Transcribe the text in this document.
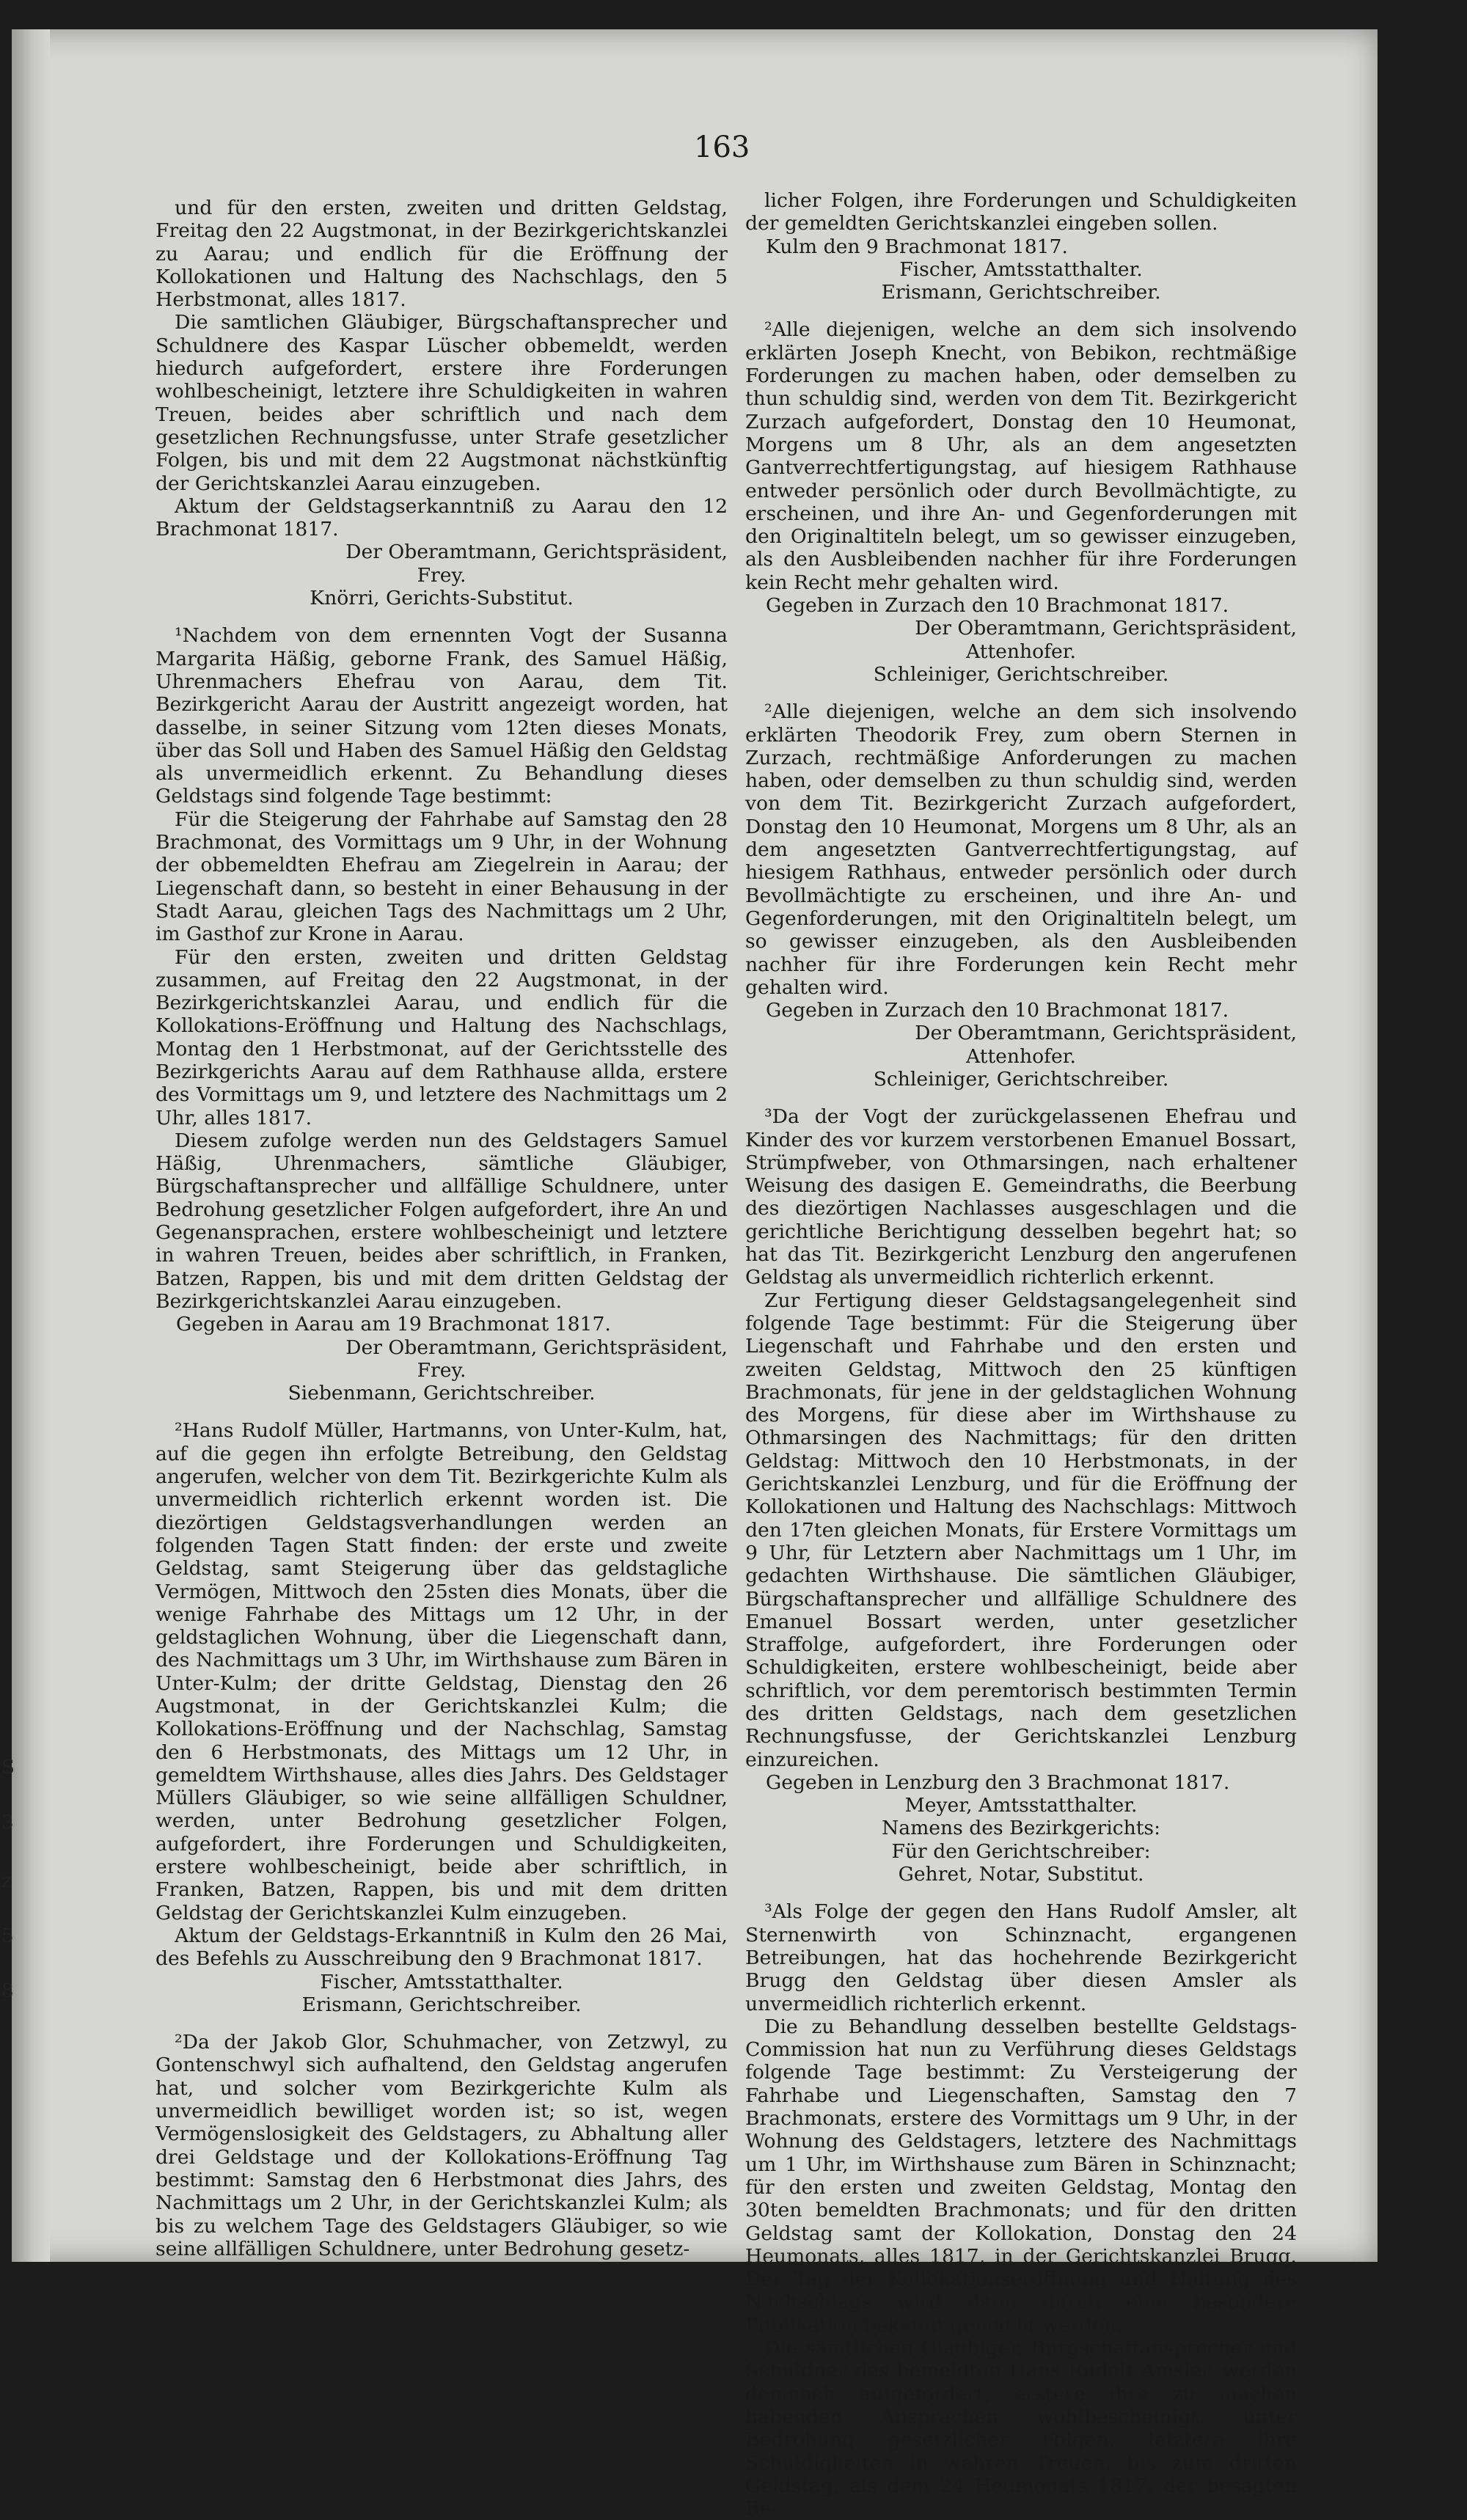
163

und für den ersten, zweiten und dritten Geldstag, Freitag den 22 Augstmonat, in der Bezirkgerichtskanzlei zu Aarau; und endlich für die Eröffnung der Kollokationen und Haltung des Nachschlags, den 5 Herbstmonat, alles 1817.

Die samtlichen Gläubiger, Bürgschaftansprecher und Schuldnere des Kaspar Lüscher obbemeldt, werden hiedurch aufgefordert, erstere ihre Forderungen wohlbescheinigt, letztere ihre Schuldigkeiten in wahren Treuen, beides aber schriftlich und nach dem gesetzlichen Rechnungsfusse, unter Strafe gesetzlicher Folgen, bis und mit dem 22 Augstmonat nächstkünftig der Gerichtskanzlei Aarau einzugeben.

Aktum der Geldstagserkanntniß zu Aarau den 12 Brachmonat 1817.

Der Oberamtmann, Gerichtspräsident,

Frey.

Knörri, Gerichts-Substitut.

¹Nachdem von dem ernennten Vogt der Susanna Margarita Häßig, geborne Frank, des Samuel Häßig, Uhrenmachers Ehefrau von Aarau, dem Tit. Bezirkgericht Aarau der Austritt angezeigt worden, hat dasselbe, in seiner Sitzung vom 12ten dieses Monats, über das Soll und Haben des Samuel Häßig den Geldstag als unvermeidlich erkennt. Zu Behandlung dieses Geldstags sind folgende Tage bestimmt:

Für die Steigerung der Fahrhabe auf Samstag den 28 Brachmonat, des Vormittags um 9 Uhr, in der Wohnung der obbemeldten Ehefrau am Ziegelrein in Aarau; der Liegenschaft dann, so besteht in einer Behausung in der Stadt Aarau, gleichen Tags des Nachmittags um 2 Uhr, im Gasthof zur Krone in Aarau.

Für den ersten, zweiten und dritten Geldstag zusammen, auf Freitag den 22 Augstmonat, in der Bezirkgerichtskanzlei Aarau, und endlich für die Kollokations-Eröffnung und Haltung des Nachschlags, Montag den 1 Herbstmonat, auf der Gerichtsstelle des Bezirkgerichts Aarau auf dem Rathhause allda, erstere des Vormittags um 9, und letztere des Nachmittags um 2 Uhr, alles 1817.

Diesem zufolge werden nun des Geldstagers Samuel Häßig, Uhrenmachers, sämtliche Gläubiger, Bürgschaftansprecher und allfällige Schuldnere, unter Bedrohung gesetzlicher Folgen aufgefordert, ihre An und Gegenansprachen, erstere wohlbescheinigt und letztere in wahren Treuen, beides aber schriftlich, in Franken, Batzen, Rappen, bis und mit dem dritten Geldstag der Bezirkgerichtskanzlei Aarau einzugeben.

Gegeben in Aarau am 19 Brachmonat 1817.

Der Oberamtmann, Gerichtspräsident,

Frey.

Siebenmann, Gerichtschreiber.

²Hans Rudolf Müller, Hartmanns, von Unter-Kulm, hat, auf die gegen ihn erfolgte Betreibung, den Geldstag angerufen, welcher von dem Tit. Bezirkgerichte Kulm als unvermeidlich richterlich erkennt worden ist. Die diezörtigen Geldstagsverhandlungen werden an folgenden Tagen Statt finden: der erste und zweite Geldstag, samt Steigerung über das geldstagliche Vermögen, Mittwoch den 25sten dies Monats, über die wenige Fahrhabe des Mittags um 12 Uhr, in der geldstaglichen Wohnung, über die Liegenschaft dann, des Nachmittags um 3 Uhr, im Wirthshause zum Bären in Unter-Kulm; der dritte Geldstag, Dienstag den 26 Augstmonat, in der Gerichtskanzlei Kulm; die Kollokations-Eröffnung und der Nachschlag, Samstag den 6 Herbstmonats, des Mittags um 12 Uhr, in gemeldtem Wirthshause, alles dies Jahrs. Des Geldstager Müllers Gläubiger, so wie seine allfälligen Schuldner, werden, unter Bedrohung gesetzlicher Folgen, aufgefordert, ihre Forderungen und Schuldigkeiten, erstere wohlbescheinigt, beide aber schriftlich, in Franken, Batzen, Rappen, bis und mit dem dritten Geldstag der Gerichtskanzlei Kulm einzugeben.

Aktum der Geldstags-Erkanntniß in Kulm den 26 Mai, des Befehls zu Ausschreibung den 9 Brachmonat 1817.

Fischer, Amtsstatthalter.

Erismann, Gerichtschreiber.

²Da der Jakob Glor, Schuhmacher, von Zetzwyl, zu Gontenschwyl sich aufhaltend, den Geldstag angerufen hat, und solcher vom Bezirkgerichte Kulm als unvermeidlich bewilliget worden ist; so ist, wegen Vermögenslosigkeit des Geldstagers, zu Abhaltung aller drei Geldstage und der Kollokations-Eröffnung Tag bestimmt: Samstag den 6 Herbstmonat dies Jahrs, des Nachmittags um 2 Uhr, in der Gerichtskanzlei Kulm; als bis zu welchem Tage des Geldstagers Gläubiger, so wie seine allfälligen Schuldnere, unter Bedrohung gesetz-

licher Folgen, ihre Forderungen und Schuldigkeiten der gemeldten Gerichtskanzlei eingeben sollen.

Kulm den 9 Brachmonat 1817.

Fischer, Amtsstatthalter.

Erismann, Gerichtschreiber.

²Alle diejenigen, welche an dem sich insolvendo erklärten Joseph Knecht, von Bebikon, rechtmäßige Forderungen zu machen haben, oder demselben zu thun schuldig sind, werden von dem Tit. Bezirkgericht Zurzach aufgefordert, Donstag den 10 Heumonat, Morgens um 8 Uhr, als an dem angesetzten Gantverrechtfertigungstag, auf hiesigem Rathhause entweder persönlich oder durch Bevollmächtigte, zu erscheinen, und ihre An- und Gegenforderungen mit den Originaltiteln belegt, um so gewisser einzugeben, als den Ausbleibenden nachher für ihre Forderungen kein Recht mehr gehalten wird.

Gegeben in Zurzach den 10 Brachmonat 1817.

Der Oberamtmann, Gerichtspräsident,

Attenhofer.

Schleiniger, Gerichtschreiber.

²Alle diejenigen, welche an dem sich insolvendo erklärten Theodorik Frey, zum obern Sternen in Zurzach, rechtmäßige Anforderungen zu machen haben, oder demselben zu thun schuldig sind, werden von dem Tit. Bezirkgericht Zurzach aufgefordert, Donstag den 10 Heumonat, Morgens um 8 Uhr, als an dem angesetzten Gantverrechtfertigungstag, auf hiesigem Rathhaus, entweder persönlich oder durch Bevollmächtigte zu erscheinen, und ihre An- und Gegenforderungen, mit den Originaltiteln belegt, um so gewisser einzugeben, als den Ausbleibenden nachher für ihre Forderungen kein Recht mehr gehalten wird.

Gegeben in Zurzach den 10 Brachmonat 1817.

Der Oberamtmann, Gerichtspräsident,

Attenhofer.

Schleiniger, Gerichtschreiber.

³Da der Vogt der zurückgelassenen Ehefrau und Kinder des vor kurzem verstorbenen Emanuel Bossart, Strümpfweber, von Othmarsingen, nach erhaltener Weisung des dasigen E. Gemeindraths, die Beerbung des diezörtigen Nachlasses ausgeschlagen und die gerichtliche Berichtigung desselben begehrt hat; so hat das Tit. Bezirkgericht Lenzburg den angerufenen Geldstag als unvermeidlich richterlich erkennt.

Zur Fertigung dieser Geldstagsangelegenheit sind folgende Tage bestimmt: Für die Steigerung über Liegenschaft und Fahrhabe und den ersten und zweiten Geldstag, Mittwoch den 25 künftigen Brachmonats, für jene in der geldstaglichen Wohnung des Morgens, für diese aber im Wirthshause zu Othmarsingen des Nachmittags; für den dritten Geldstag: Mittwoch den 10 Herbstmonats, in der Gerichtskanzlei Lenzburg, und für die Eröffnung der Kollokationen und Haltung des Nachschlags: Mittwoch den 17ten gleichen Monats, für Erstere Vormittags um 9 Uhr, für Letztern aber Nachmittags um 1 Uhr, im gedachten Wirthshause. Die sämtlichen Gläubiger, Bürgschaftansprecher und allfällige Schuldnere des Emanuel Bossart werden, unter gesetzlicher Straffolge, aufgefordert, ihre Forderungen oder Schuldigkeiten, erstere wohlbescheinigt, beide aber schriftlich, vor dem peremtorisch bestimmten Termin des dritten Geldstags, nach dem gesetzlichen Rechnungsfusse, der Gerichtskanzlei Lenzburg einzureichen.

Gegeben in Lenzburg den 3 Brachmonat 1817.

Meyer, Amtsstatthalter.

Namens des Bezirkgerichts:

Für den Gerichtschreiber:

Gehret, Notar, Substitut.

³Als Folge der gegen den Hans Rudolf Amsler, alt Sternenwirth von Schinznacht, ergangenen Betreibungen, hat das hochehrende Bezirkgericht Brugg den Geldstag über diesen Amsler als unvermeidlich richterlich erkennt.

Die zu Behandlung desselben bestellte Geldstags-Commission hat nun zu Verführung dieses Geldstags folgende Tage bestimmt: Zu Versteigerung der Fahrhabe und Liegenschaften, Samstag den 7 Brachmonats, erstere des Vormittags um 9 Uhr, in der Wohnung des Geldstagers, letztere des Nachmittags um 1 Uhr, im Wirthshause zum Bären in Schinznacht; für den ersten und zweiten Geldstag, Montag den 30ten bemeldten Brachmonats; und für den dritten Geldstag samt der Kollokation, Donstag den 24 Heumonats, alles 1817, in der Gerichtskanzlei Brugg. Der Tag der Kollokationseröffnung und Haltung des Nachschlags wird dann durch eine besondere Publikation bekannt gemacht werden.

Die sämtlichen Gläubiger, Bürgschaftansprecher und Schuldner des bemeldten Hans Rudolf Amsler, werden demnach aufgefordert, erstere ihre zu machen habenden Ansprachen wohlbescheinigt, unter Bedrohung gesetzlicher Folgen, letztere ihre Schuldigkeiten in wahren Treuen, bis zum dritten Geldstag, als dem 24 Heumonats 1817, der besagten Be-

S
3
z
5
8
